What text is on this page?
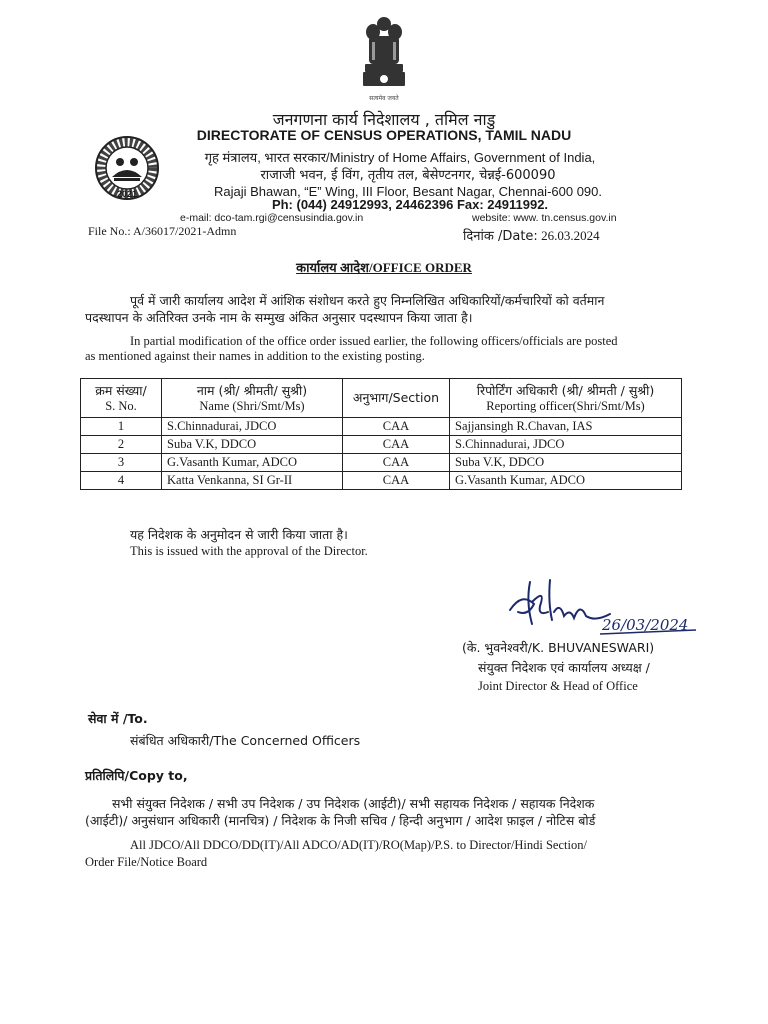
सत्यमेव जयते
जनगणना कार्य निदेशालय , तमिल नाडु
DIRECTORATE OF CENSUS OPERATIONS, TAMIL NADU
2021
गृह मंत्रालय, भारत सरकार/Ministry of Home Affairs, Government of India,
राजाजी भवन, ई विंग, तृतीय तल, बेसेण्टनगर, चेन्नई-600090
Rajaji Bhawan, “E” Wing, III Floor, Besant Nagar, Chennai-600 090.
Ph: (044) 24912993, 24462396 Fax: 24911992.
e-mail: dco-tam.rgi@censusindia.gov.in	website: www. tn.census.gov.in
File No.: A/36017/2021-Admn	दिनांक /Date: 26.03.2024
कार्यालय आदेश/OFFICE ORDER
पूर्व में जारी कार्यालय आदेश में आंशिक संशोधन करते हुए निम्नलिखित अधिकारियों/कर्मचारियों को वर्तमान
पदस्थापन के अतिरिक्त उनके नाम के सम्मुख अंकित अनुसार पदस्थापन किया जाता है।
In partial modification of the office order issued earlier, the following officers/officials are posted
as mentioned against their names in addition to the existing posting.
क्रम संख्या/
S. No.	नाम (श्री/ श्रीमती/ सुश्री)
Name (Shri/Smt/Ms)	अनुभाग/Section	रिपोर्टिंग अधिकारी (श्री/ श्रीमती / सुश्री)
Reporting officer(Shri/Smt/Ms)
1	S.Chinnadurai, JDCO	CAA	Sajjansingh R.Chavan, IAS
2	Suba V.K, DDCO	CAA	S.Chinnadurai, JDCO
3	G.Vasanth Kumar, ADCO	CAA	Suba V.K, DDCO
4	Katta Venkanna, SI Gr-II	CAA	G.Vasanth Kumar, ADCO
यह निदेशक के अनुमोदन से जारी किया जाता है।
This is issued with the approval of the Director.
26/03/2024
(के. भुवनेश्वरी/K. BHUVANESWARI)
संयुक्त निदेशक एवं कार्यालय अध्यक्ष /
Joint Director & Head of Office
सेवा में /To.
संबंधित अधिकारी/The Concerned Officers
प्रतिलिपि/Copy to,
सभी संयुक्त निदेशक / सभी उप निदेशक / उप निदेशक (आईटी)/ सभी सहायक निदेशक / सहायक निदेशक
(आईटी)/ अनुसंधान अधिकारी (मानचित्र) / निदेशक के निजी सचिव / हिन्दी अनुभाग / आदेश फ़ाइल / नोटिस बोर्ड
All JDCO/All DDCO/DD(IT)/All ADCO/AD(IT)/RO(Map)/P.S. to Director/Hindi Section/
Order File/Notice Board
